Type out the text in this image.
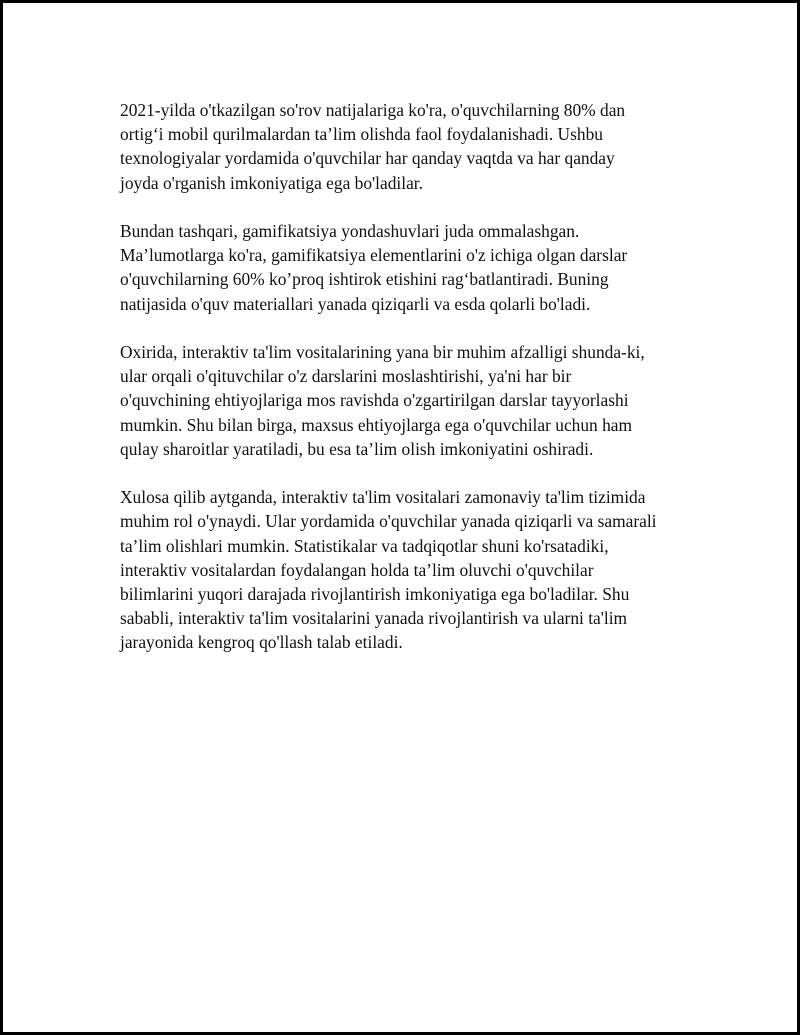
2021-yilda o'tkazilgan so'rov natijalariga ko'ra, o'quvchilarning 80% dan
ortig‘i mobil qurilmalardan ta’lim olishda faol foydalanishadi. Ushbu
texnologiyalar yordamida o'quvchilar har qanday vaqtda va har qanday
joyda o'rganish imkoniyatiga ega bo'ladilar.

Bundan tashqari, gamifikatsiya yondashuvlari juda ommalashgan.
Ma’lumotlarga ko'ra, gamifikatsiya elementlarini o'z ichiga olgan darslar
o'quvchilarning 60% ko’proq ishtirok etishini rag‘batlantiradi. Buning
natijasida o'quv materiallari yanada qiziqarli va esda qolarli bo'ladi.

Oxirida, interaktiv ta'lim vositalarining yana bir muhim afzalligi shunda-ki,
ular orqali o'qituvchilar o'z darslarini moslashtirishi, ya'ni har bir
o'quvchining ehtiyojlariga mos ravishda o'zgartirilgan darslar tayyorlashi
mumkin. Shu bilan birga, maxsus ehtiyojlarga ega o'quvchilar uchun ham
qulay sharoitlar yaratiladi, bu esa ta’lim olish imkoniyatini oshiradi.

Xulosa qilib aytganda, interaktiv ta'lim vositalari zamonaviy ta'lim tizimida
muhim rol o'ynaydi. Ular yordamida o'quvchilar yanada qiziqarli va samarali
ta’lim olishlari mumkin. Statistikalar va tadqiqotlar shuni ko'rsatadiki,
interaktiv vositalardan foydalangan holda ta’lim oluvchi o'quvchilar
bilimlarini yuqori darajada rivojlantirish imkoniyatiga ega bo'ladilar. Shu
sababli, interaktiv ta'lim vositalarini yanada rivojlantirish va ularni ta'lim
jarayonida kengroq qo'llash talab etiladi.
